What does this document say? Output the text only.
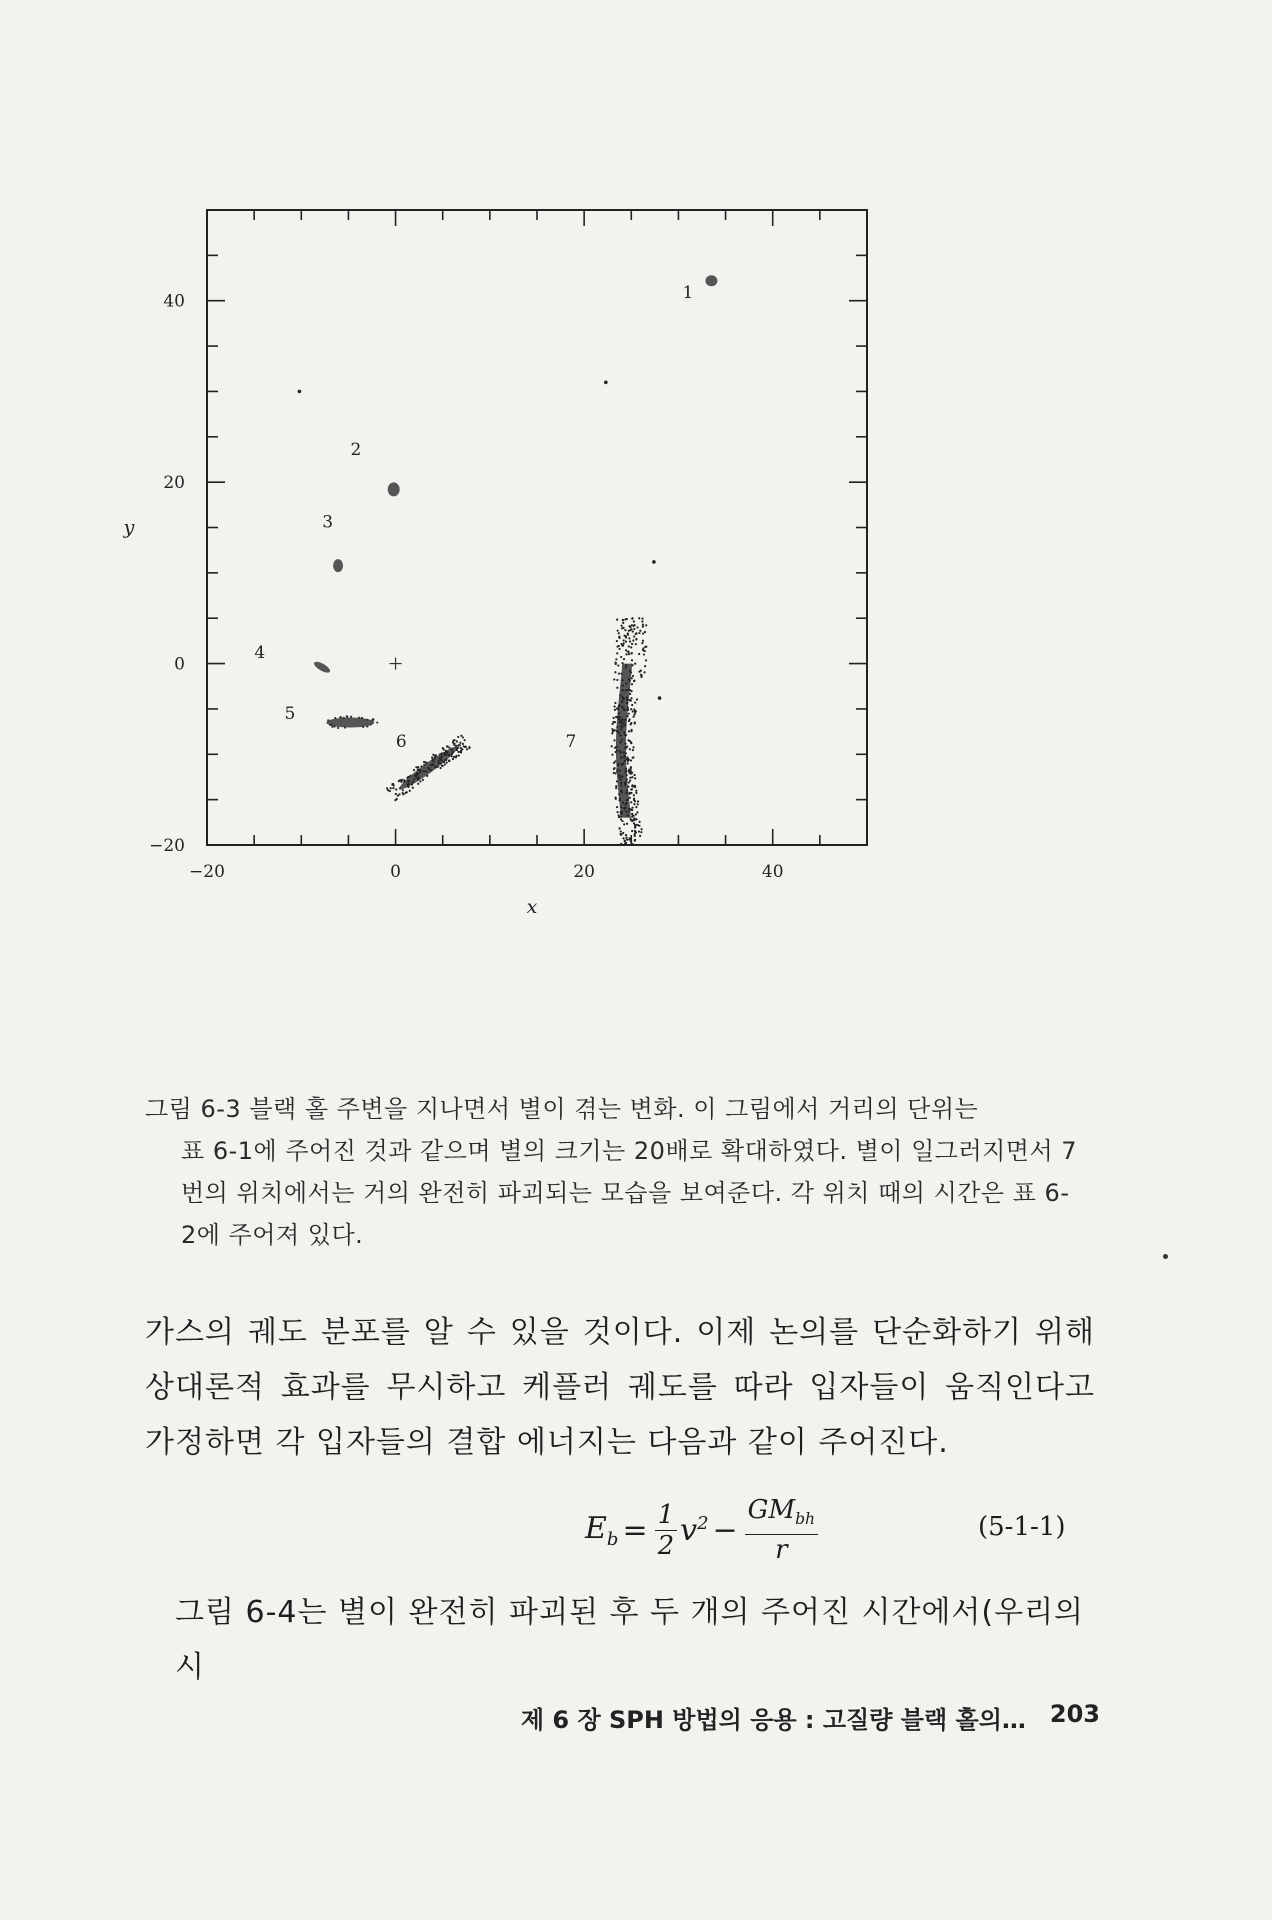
−20	0	20	40
−20
0
20
40
x
y
1
2
3
4
5
6	7
그림 6-3 블랙 홀 주변을 지나면서 별이 겪는 변화. 이 그림에서 거리의 단위는
표 6-1에 주어진 것과 같으며 별의 크기는 20배로 확대하였다. 별이 일그러지면서 7번의 위치에서는 거의 완전히 파괴되는 모습을 보여준다. 각 위치 때의 시간은 표 6-2에 주어져 있다.
가스의 궤도 분포를 알 수 있을 것이다. 이제 논의를 단순화하기 위해 상대론적 효과를 무시하고 케플러 궤도를 따라 입자들이 움직인다고 가정하면 각 입자들의 결합 에너지는 다음과 같이 주어진다.
$E_b = \frac{1}{2} v^2 - \frac{GM_{bh}}{r}$	(5-1-1)
그림 6-4는 별이 완전히 파괴된 후 두 개의 주어진 시간에서(우리의 시
제 6 장 SPH 방법의 응용 : 고질량 블랙 홀의… 203
